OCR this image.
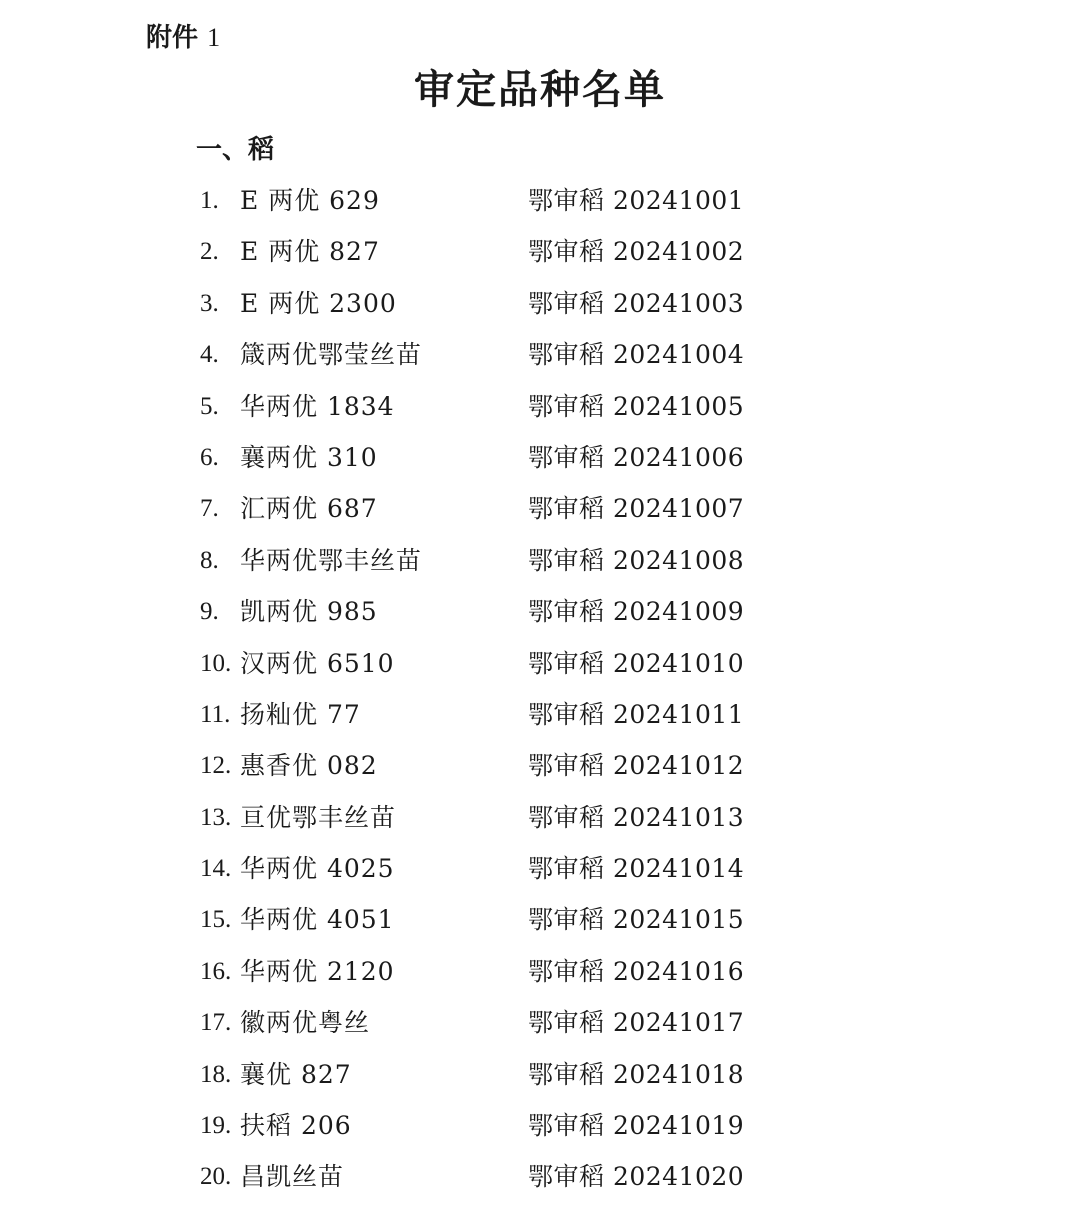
附件 1
审定品种名单
一、稻
1. E 两优 629	鄂审稻 20241001
2. E 两优 827	鄂审稻 20241002
3. E 两优 2300	鄂审稻 20241003
4. 箴两优鄂莹丝苗	鄂审稻 20241004
5. 华两优 1834	鄂审稻 20241005
6. 襄两优 310	鄂审稻 20241006
7. 汇两优 687	鄂审稻 20241007
8. 华两优鄂丰丝苗	鄂审稻 20241008
9. 凯两优 985	鄂审稻 20241009
10. 汉两优 6510	鄂审稻 20241010
11. 扬籼优 77	鄂审稻 20241011
12. 惠香优 082	鄂审稻 20241012
13. 亘优鄂丰丝苗	鄂审稻 20241013
14. 华两优 4025	鄂审稻 20241014
15. 华两优 4051	鄂审稻 20241015
16. 华两优 2120	鄂审稻 20241016
17. 徽两优粤丝	鄂审稻 20241017
18. 襄优 827	鄂审稻 20241018
19. 扶稻 206	鄂审稻 20241019
20. 昌凯丝苗	鄂审稻 20241020
